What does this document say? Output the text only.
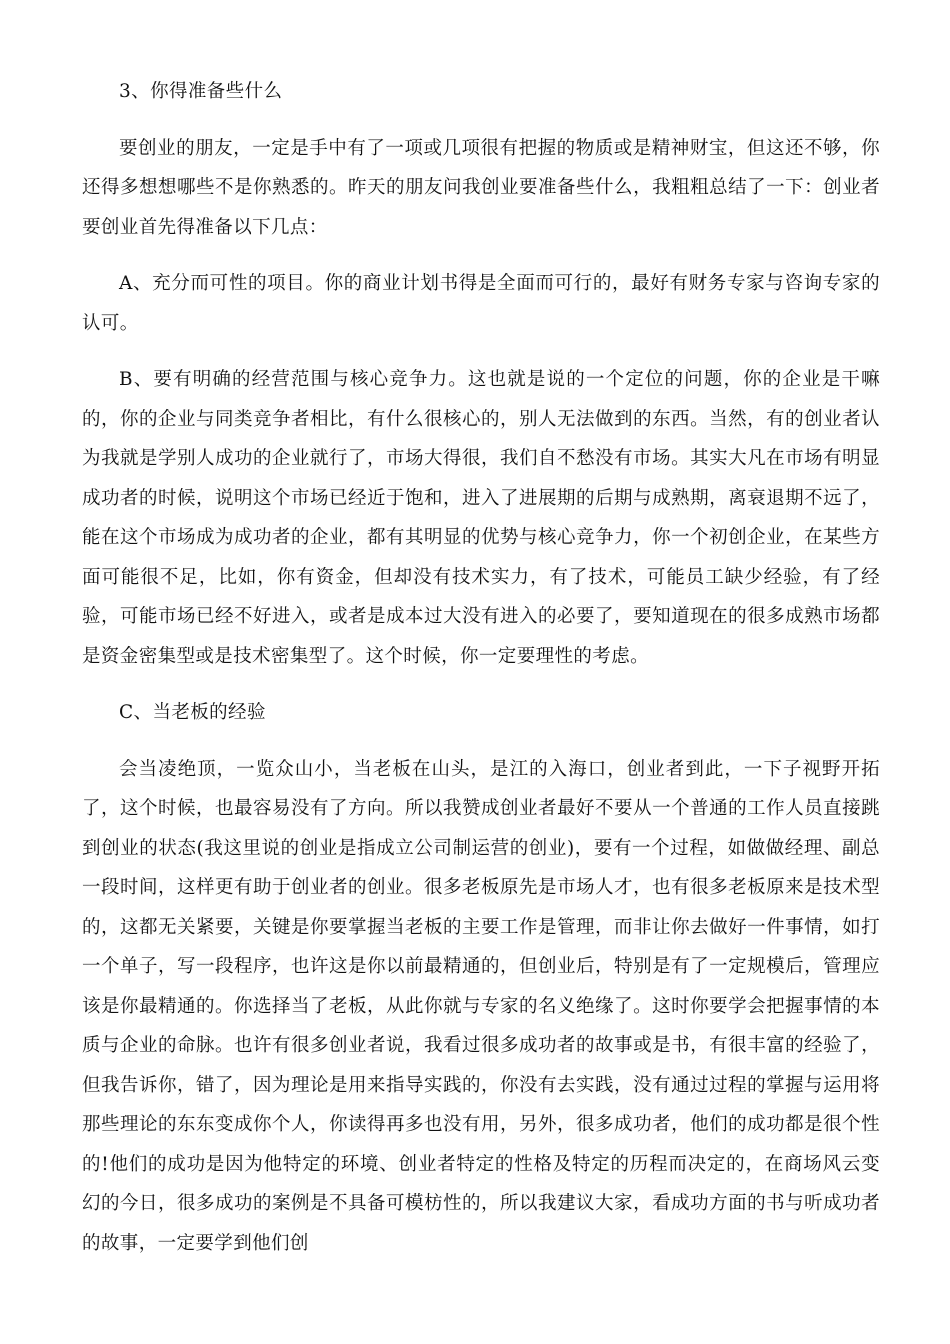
3、你得准备些什么

要创业的朋友，一定是手中有了一项或几项很有把握的物质或是精神财宝，但这还不够，你还得多想想哪些不是你熟悉的。昨天的朋友问我创业要准备些什么，我粗粗总结了一下：创业者要创业首先得准备以下几点：

A、充分而可性的项目。你的商业计划书得是全面而可行的，最好有财务专家与咨询专家的认可。

B、要有明确的经营范围与核心竞争力。这也就是说的一个定位的问题，你的企业是干嘛的，你的企业与同类竞争者相比，有什么很核心的，别人无法做到的东西。当然，有的创业者认为我就是学别人成功的企业就行了，市场大得很，我们自不愁没有市场。其实大凡在市场有明显成功者的时候，说明这个市场已经近于饱和，进入了进展期的后期与成熟期，离衰退期不远了，能在这个市场成为成功者的企业，都有其明显的优势与核心竞争力，你一个初创企业，在某些方面可能很不足，比如，你有资金，但却没有技术实力，有了技术，可能员工缺少经验，有了经验，可能市场已经不好进入，或者是成本过大没有进入的必要了，要知道现在的很多成熟市场都是资金密集型或是技术密集型了。这个时候，你一定要理性的考虑。

C、当老板的经验

会当凌绝顶，一览众山小，当老板在山头，是江的入海口，创业者到此，一下子视野开拓了，这个时候，也最容易没有了方向。所以我赞成创业者最好不要从一个普通的工作人员直接跳到创业的状态(我这里说的创业是指成立公司制运营的创业)，要有一个过程，如做做经理、副总一段时间，这样更有助于创业者的创业。很多老板原先是市场人才，也有很多老板原来是技术型的，这都无关紧要，关键是你要掌握当老板的主要工作是管理，而非让你去做好一件事情，如打一个单子，写一段程序，也许这是你以前最精通的，但创业后，特别是有了一定规模后，管理应该是你最精通的。你选择当了老板，从此你就与专家的名义绝缘了。这时你要学会把握事情的本质与企业的命脉。也许有很多创业者说，我看过很多成功者的故事或是书，有很丰富的经验了，但我告诉你，错了，因为理论是用来指导实践的，你没有去实践，没有通过过程的掌握与运用将那些理论的东东变成你个人，你读得再多也没有用，另外，很多成功者，他们的成功都是很个性的!他们的成功是因为他特定的环境、创业者特定的性格及特定的历程而决定的，在商场风云变幻的今日，很多成功的案例是不具备可模枋性的，所以我建议大家，看成功方面的书与听成功者的故事，一定要学到他们创
